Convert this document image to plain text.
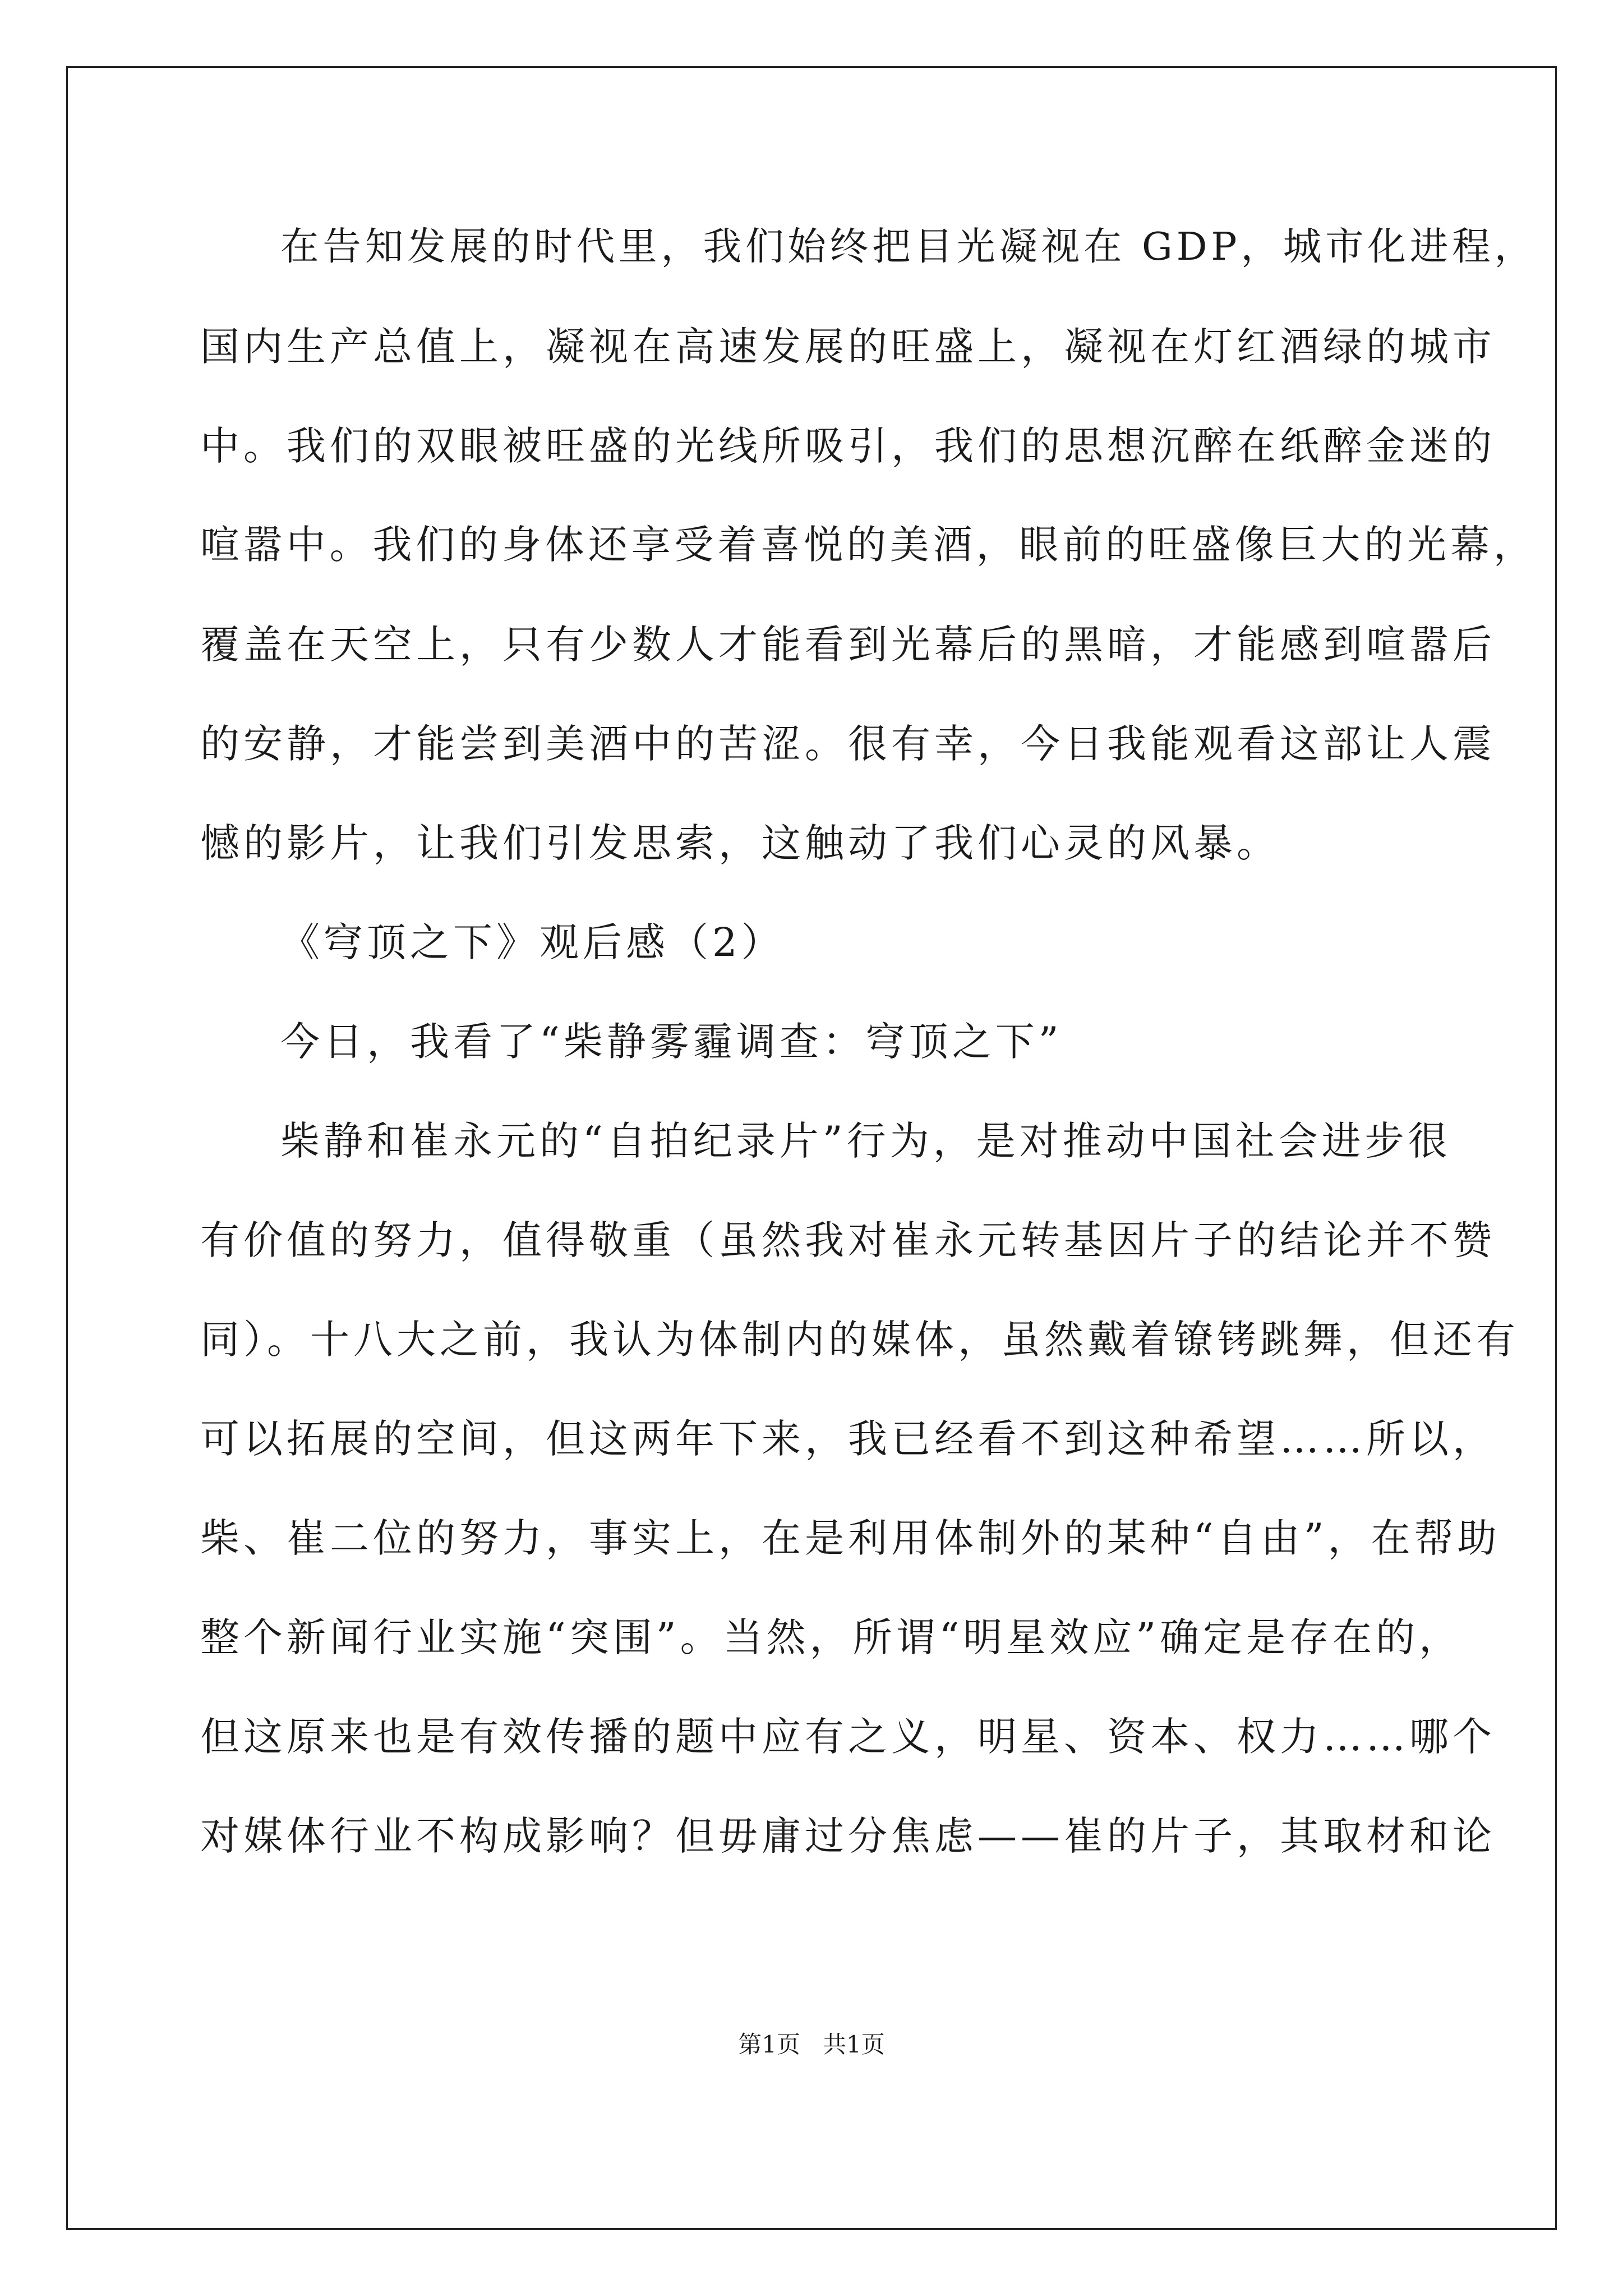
在告知发展的时代里，我们始终把目光凝视在 GDP，城市化进程，
国内生产总值上，凝视在高速发展的旺盛上，凝视在灯红酒绿的城市
中。我们的双眼被旺盛的光线所吸引，我们的思想沉醉在纸醉金迷的
喧嚣中。我们的身体还享受着喜悦的美酒，眼前的旺盛像巨大的光幕，
覆盖在天空上，只有少数人才能看到光幕后的黑暗，才能感到喧嚣后
的安静，才能尝到美酒中的苦涩。很有幸，今日我能观看这部让人震
憾的影片，让我们引发思索，这触动了我们心灵的风暴。
《穹顶之下》观后感（2）
今日，我看了“柴静雾霾调查：穹顶之下”
柴静和崔永元的“自拍纪录片”行为，是对推动中国社会进步很
有价值的努力，值得敬重（虽然我对崔永元转基因片子的结论并不赞
同）。十八大之前，我认为体制内的媒体，虽然戴着镣铐跳舞，但还有
可以拓展的空间，但这两年下来，我已经看不到这种希望……所以，
柴、崔二位的努力，事实上，在是利用体制外的某种“自由”，在帮助
整个新闻行业实施“突围”。当然，所谓“明星效应”确定是存在的，
但这原来也是有效传播的题中应有之义，明星、资本、权力……哪个
对媒体行业不构成影响？但毋庸过分焦虑——崔的片子，其取材和论
第1页   共1页
